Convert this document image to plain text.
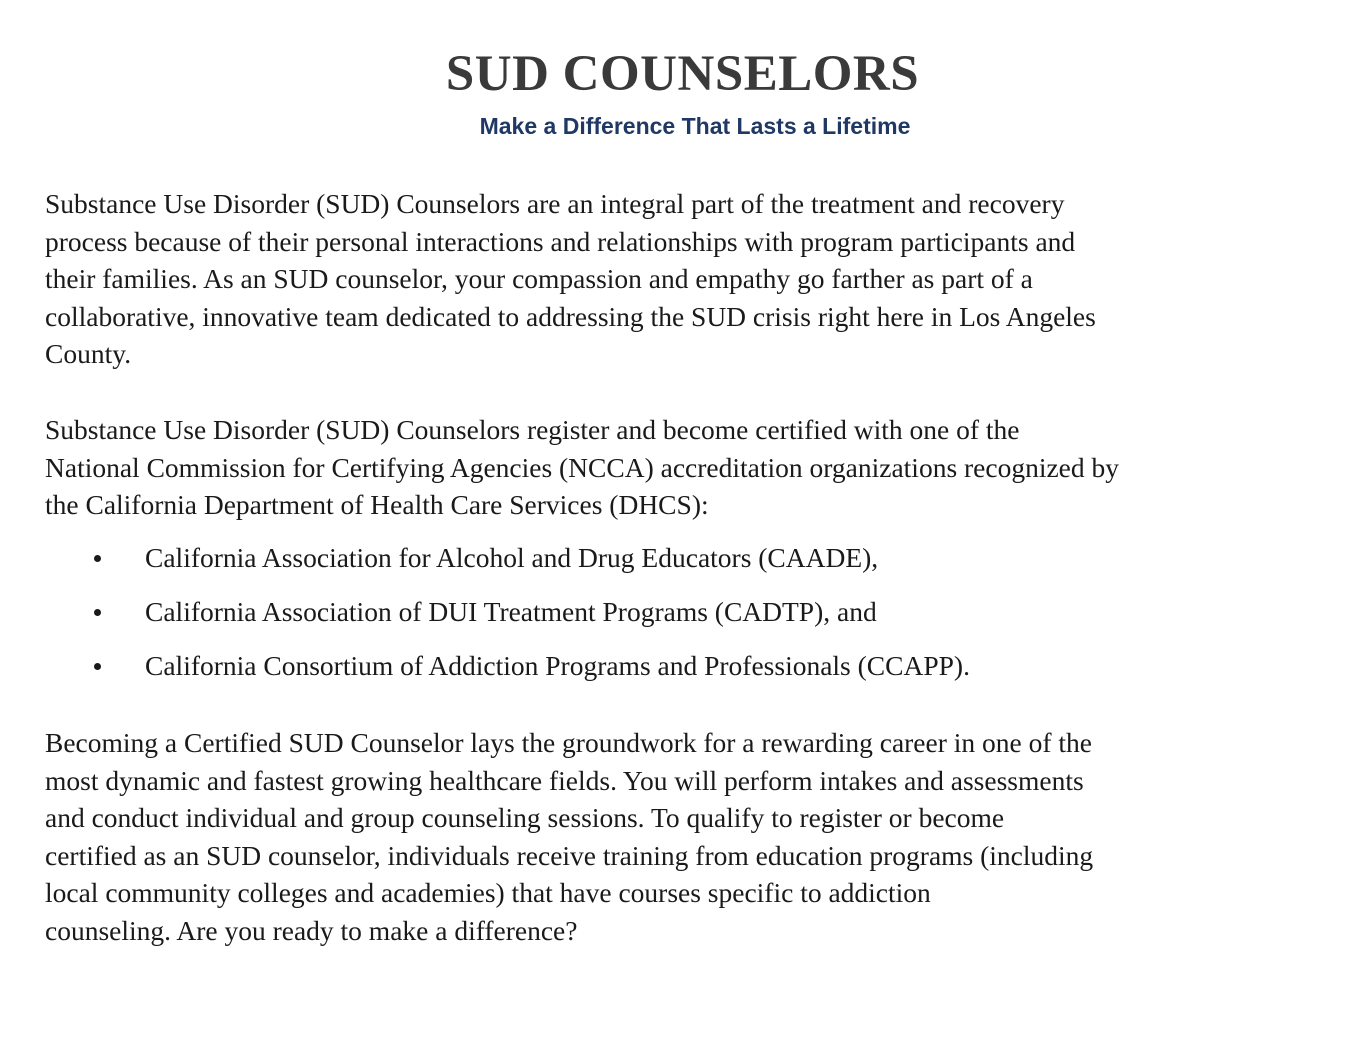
SUD COUNSELORS
Make a Difference That Lasts a Lifetime

Substance Use Disorder (SUD) Counselors are an integral part of the treatment and recovery
process because of their personal interactions and relationships with program participants and
their families. As an SUD counselor, your compassion and empathy go farther as part of a
collaborative, innovative team dedicated to addressing the SUD crisis right here in Los Angeles
County.

Substance Use Disorder (SUD) Counselors register and become certified with one of the
National Commission for Certifying Agencies (NCCA) accreditation organizations recognized by
the California Department of Health Care Services (DHCS):

California Association for Alcohol and Drug Educators (CAADE),
California Association of DUI Treatment Programs (CADTP), and
California Consortium of Addiction Programs and Professionals (CCAPP).

Becoming a Certified SUD Counselor lays the groundwork for a rewarding career in one of the
most dynamic and fastest growing healthcare fields. You will perform intakes and assessments
and conduct individual and group counseling sessions. To qualify to register or become
certified as an SUD counselor, individuals receive training from education programs (including
local community colleges and academies) that have courses specific to addiction
counseling. Are you ready to make a difference?
